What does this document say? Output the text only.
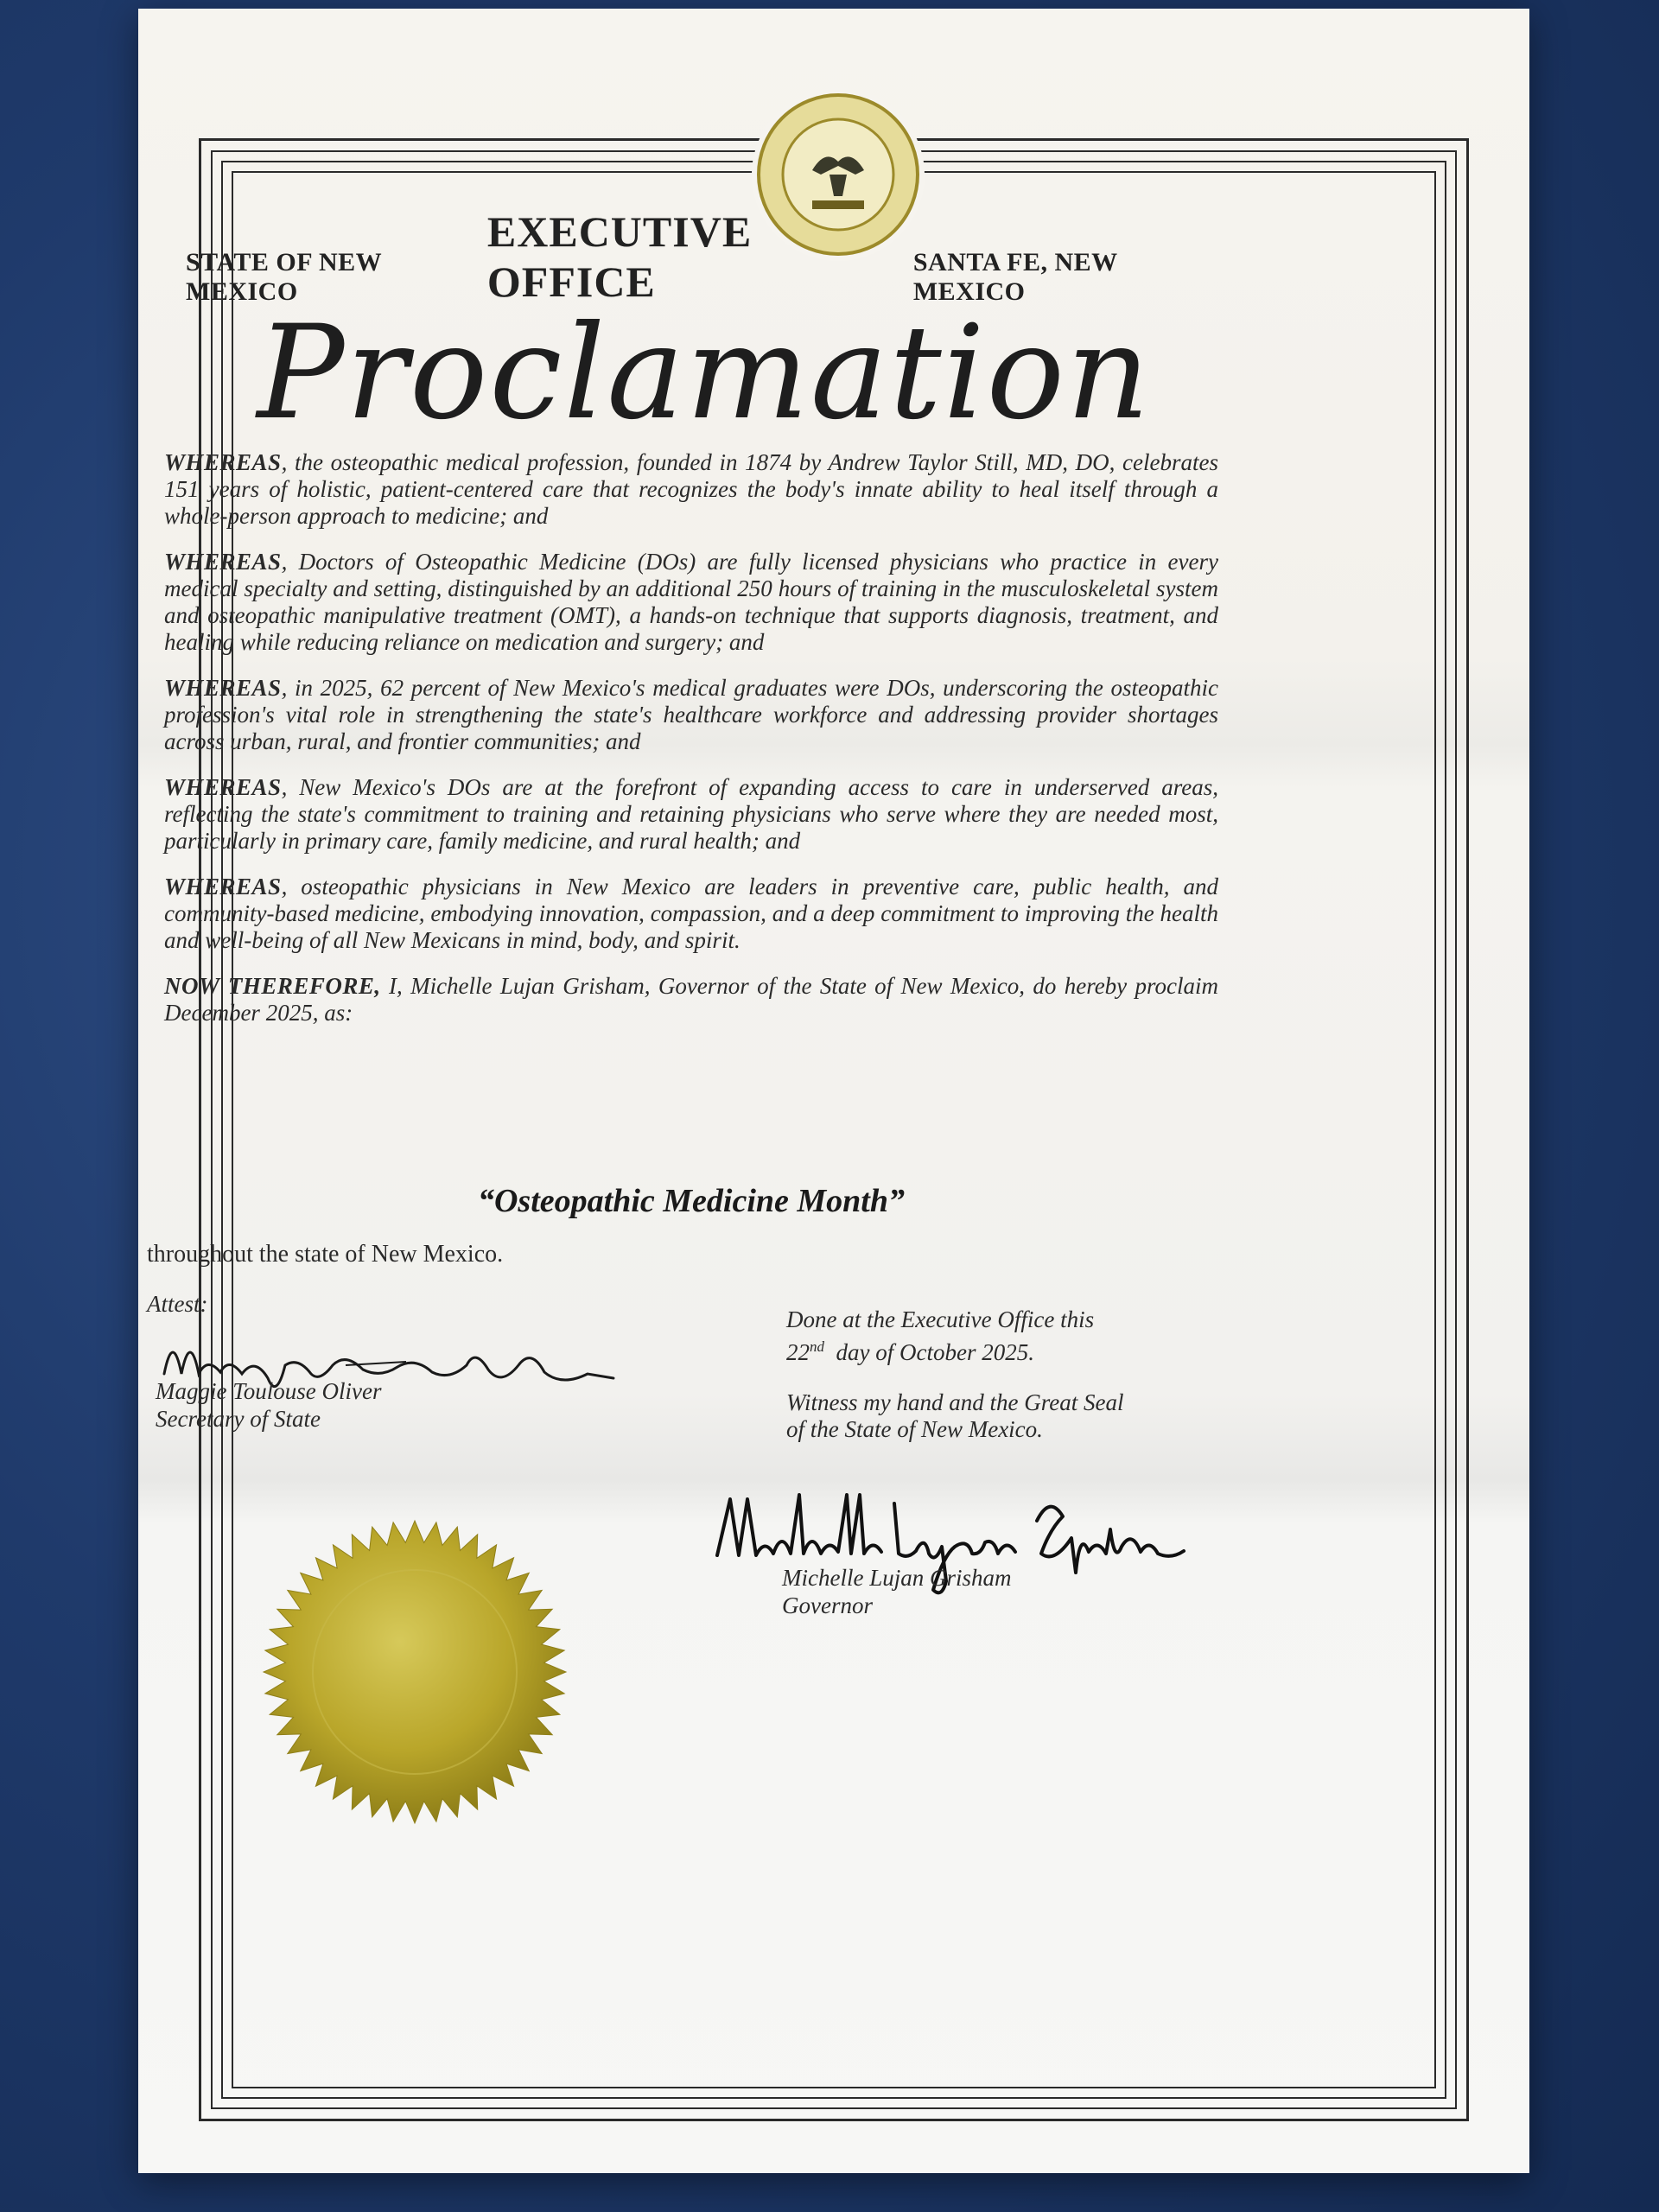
STATE OF NEW MEXICO
EXECUTIVE OFFICE	SANTA FE, NEW MEXICO
Proclamation

WHEREAS, the osteopathic medical profession, founded in 1874 by Andrew Taylor Still, MD, DO, celebrates 151 years of holistic, patient-centered care that recognizes the body's innate ability to heal itself through a whole-person approach to medicine; and

WHEREAS, Doctors of Osteopathic Medicine (DOs) are fully licensed physicians who practice in every medical specialty and setting, distinguished by an additional 250 hours of training in the musculoskeletal system and osteopathic manipulative treatment (OMT), a hands-on technique that supports diagnosis, treatment, and healing while reducing reliance on medication and surgery; and

WHEREAS, in 2025, 62 percent of New Mexico's medical graduates were DOs, underscoring the osteopathic profession's vital role in strengthening the state's healthcare workforce and addressing provider shortages across urban, rural, and frontier communities; and

WHEREAS, New Mexico's DOs are at the forefront of expanding access to care in underserved areas, reflecting the state's commitment to training and retaining physicians who serve where they are needed most, particularly in primary care, family medicine, and rural health; and

WHEREAS, osteopathic physicians in New Mexico are leaders in preventive care, public health, and community-based medicine, embodying innovation, compassion, and a deep commitment to improving the health and well-being of all New Mexicans in mind, body, and spirit.

NOW THEREFORE, I, Michelle Lujan Grisham, Governor of the State of New Mexico, do hereby proclaim December 2025, as:

“Osteopathic Medicine Month”
throughout the state of New Mexico.
Attest:
Maggie Toulouse Oliver
Secretary of State
Done at the Executive Office this
22nd  day of October 2025.
Witness my hand and the Great Seal
of the State of New Mexico.
Michelle Lujan Grisham
Governor
